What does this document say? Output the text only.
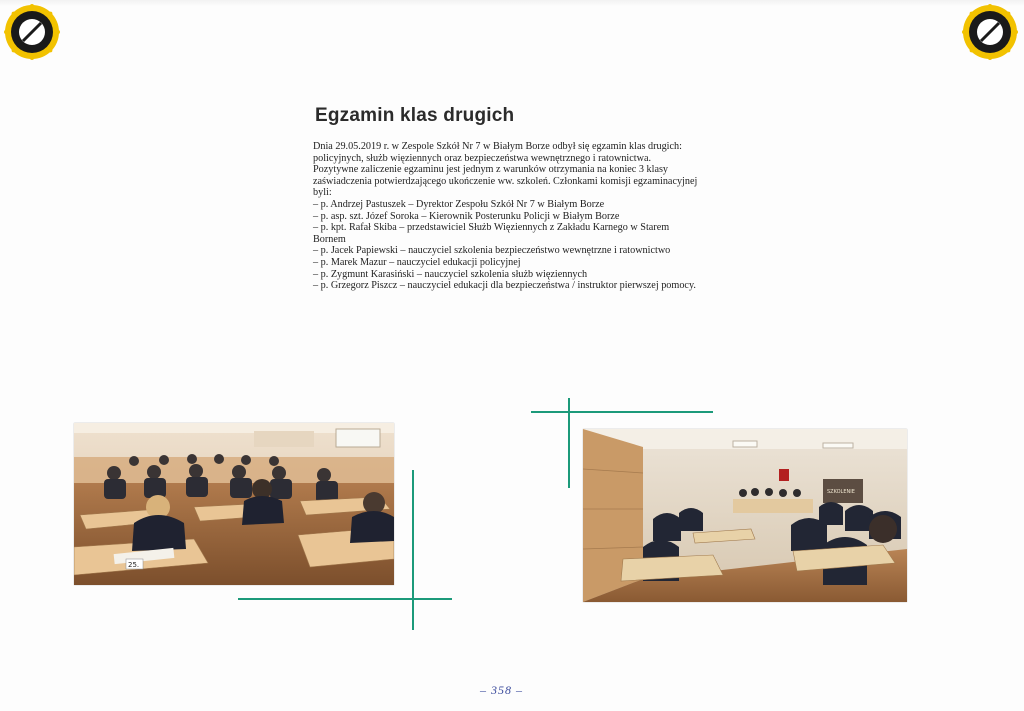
Egzamin klas drugich
Dnia 29.05.2019 r. w Zespole Szkół Nr 7 w Białym Borze odbył się egzamin klas drugich:
policyjnych, służb więziennych oraz bezpieczeństwa wewnętrznego i ratownictwa.
Pozytywne zaliczenie egzaminu jest jednym z warunków otrzymania na koniec 3 klasy
zaświadczenia potwierdzającego ukończenie ww. szkoleń. Członkami komisji egzaminacyjnej
byli:
– p. Andrzej Pastuszek – Dyrektor Zespołu Szkół Nr 7 w Białym Borze
– p. asp. szt. Józef Soroka – Kierownik Posterunku Policji w Białym Borze
– p. kpt. Rafał Skiba – przedstawiciel Służb Więziennych z Zakładu Karnego w Starem
Bornem
– p. Jacek Papiewski – nauczyciel szkolenia bezpieczeństwo wewnętrzne i ratownictwo
– p. Marek Mazur – nauczyciel edukacji policyjnej
– p. Zygmunt Karasiński – nauczyciel szkolenia służb więziennych
– p. Grzegorz Piszcz – nauczyciel edukacji dla bezpieczeństwa / instruktor pierwszej pomocy.
25.
SZKOLENIE
– 358 –
